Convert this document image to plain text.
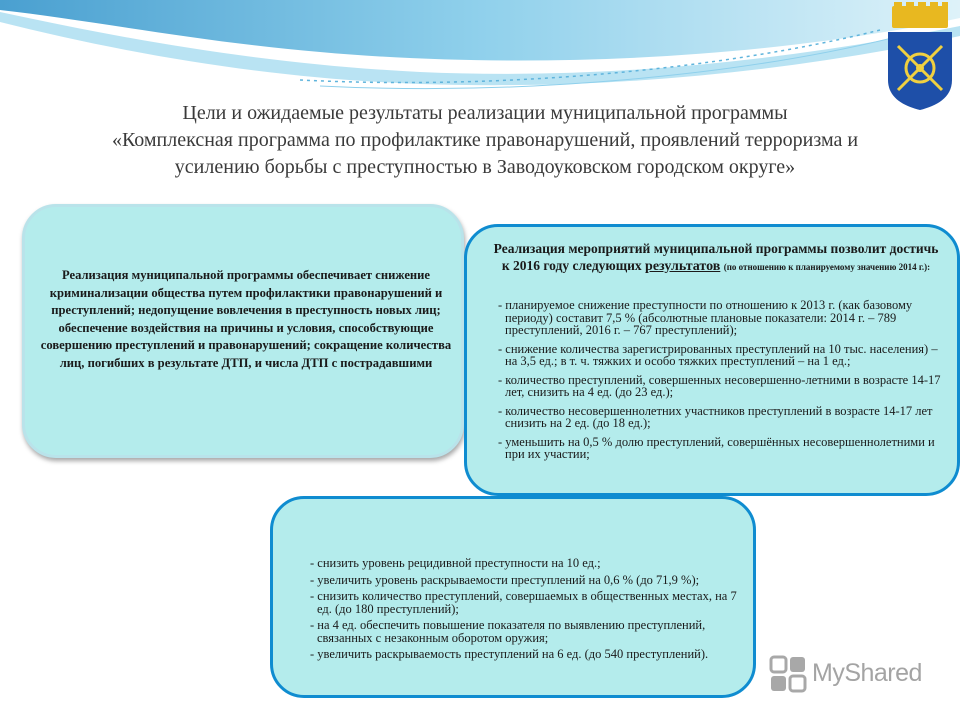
Цели и ожидаемые результаты реализации муниципальной программы
«Комплексная программа по профилактике правонарушений, проявлений терроризма и
усилению борьбы с преступностью в Заводоуковском городском округе»

Реализация муниципальной программы обеспечивает снижение криминализации общества путем профилактики правонарушений и преступлений; недопущение вовлечения в преступность новых лиц; обеспечение воздействия на причины и условия, способствующие совершению преступлений и правонарушений; сокращение количества лиц, погибших в результате ДТП, и числа ДТП с пострадавшими

Реализация мероприятий муниципальной программы позволит достичь к 2016 году следующих результатов (по отношению к планируемому значению 2014 г.):

- планируемое снижение преступности по отношению к 2013 г. (как базовому периоду) составит 7,5 % (абсолютные плановые показатели: 2014 г. – 789 преступлений, 2016 г. – 767 преступлений);
- снижение количества зарегистрированных преступлений на 10 тыс. населения) – на 3,5 ед.; в т. ч. тяжких и особо тяжких преступлений – на 1 ед.;
- количество преступлений, совершенных несовершенно-летними в возрасте 14-17 лет, снизить на 4 ед. (до 23 ед.);
- количество несовершеннолетних участников преступлений в возрасте 14-17 лет снизить на 2 ед. (до 18 ед.);
- уменьшить на 0,5 % долю преступлений, совершённых несовершеннолетними и при их участии;
- снизить уровень рецидивной преступности на 10 ед.;
- увеличить уровень раскрываемости преступлений на 0,6 % (до 71,9 %);
- снизить количество преступлений, совершаемых в общественных местах, на 7 ед. (до 180 преступлений);
- на 4 ед. обеспечить повышение показателя по выявлению преступлений, связанных с незаконным оборотом оружия;
- увеличить раскрываемость преступлений на 6 ед. (до 540 преступлений).
MyShared
